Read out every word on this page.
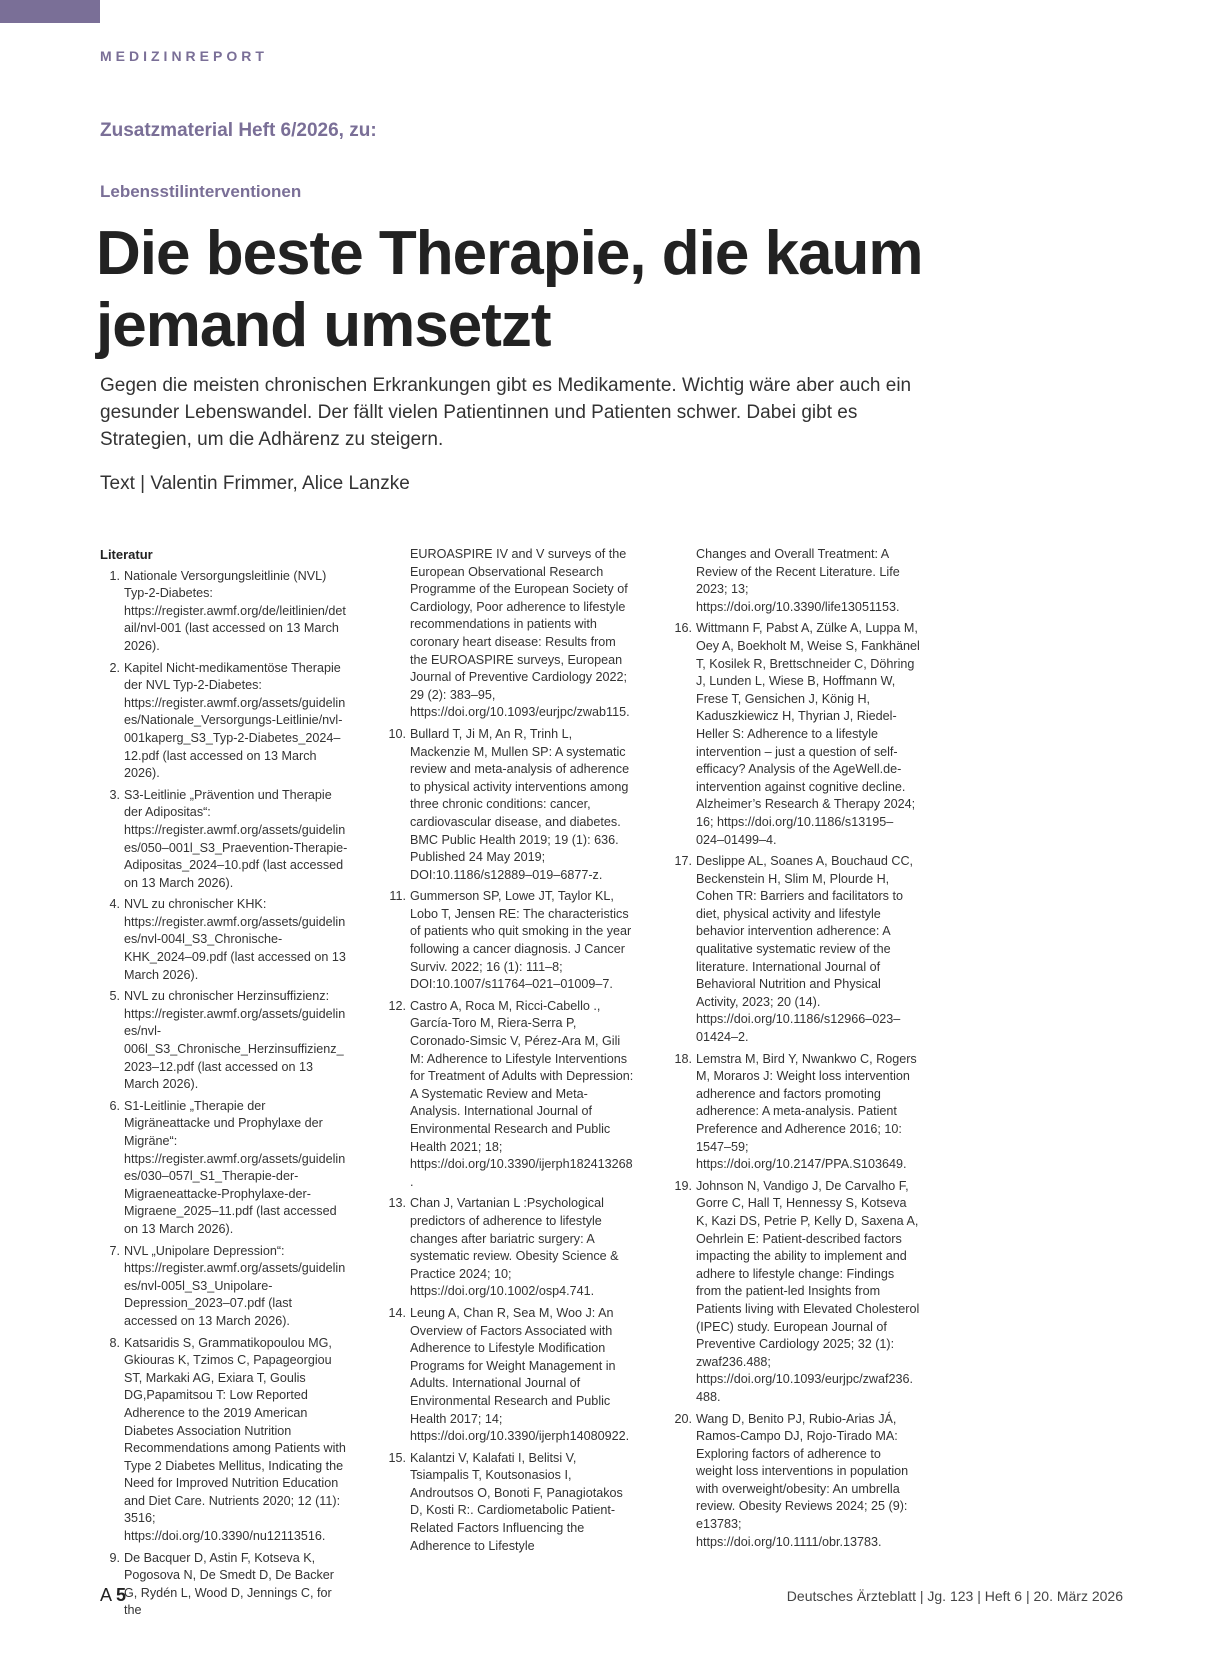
MEDIZINREPORT
Zusatzmaterial Heft 6/2026, zu:
Lebensstilinterventionen
Die beste Therapie, die kaum jemand umsetzt

Gegen die meisten chronischen Erkrankungen gibt es Medikamente. Wichtig wäre aber auch ein gesunder Lebenswandel. Der fällt vielen Patientinnen und Patienten schwer. Dabei gibt es Strategien, um die Adhärenz zu steigern.

Text | Valentin Frimmer, Alice Lanzke
Literatur
1. Nationale Versorgungsleitlinie (NVL) Typ-2-Diabetes: https://register.awmf.org/de/leitlinien/detail/nvl-001 (last accessed on 13 March 2026).
2. Kapitel Nicht-medikamentöse Therapie der NVL Typ-2-Diabetes: https://register.awmf.org/assets/guidelines/Nationale_Versorgungs-Leitlinie/nvl-001kaperg_S3_Typ-2-Diabetes_2024–12.pdf (last accessed on 13 March 2026).
3. S3-Leitlinie „Prävention und Therapie der Adipositas“: https://register.awmf.org/assets/guidelines/050–001l_S3_Praevention-Therapie-Adipositas_2024–10.pdf (last accessed on 13 March 2026).
4. NVL zu chronischer KHK: https://register.awmf.org/assets/guidelines/nvl-004l_S3_Chronische-KHK_2024–09.pdf (last accessed on 13 March 2026).
5. NVL zu chronischer Herzinsuffizienz: https://register.awmf.org/assets/guidelines/nvl-006l_S3_Chronische_Herzinsuffizienz_2023–12.pdf (last accessed on 13 March 2026).
6. S1-Leitlinie „Therapie der Migräneattacke und Prophylaxe der Migräne“: https://register.awmf.org/assets/guidelines/030–057l_S1_Therapie-der-Migraeneattacke-Prophylaxe-der-Migraene_2025–11.pdf (last accessed on 13 March 2026).
7. NVL „Unipolare Depression“: https://register.awmf.org/assets/guidelines/nvl-005l_S3_Unipolare-Depression_2023–07.pdf (last accessed on 13 March 2026).
8. Katsaridis S, Grammatikopoulou MG, Gkiouras K, Tzimos C, Papageorgiou ST, Markaki AG, Exiara T, Goulis DG,Papamitsou T: Low Reported Adherence to the 2019 American Diabetes Association Nutrition Recommendations among Patients with Type 2 Diabetes Mellitus, Indicating the Need for Improved Nutrition Education and Diet Care. Nutrients 2020; 12 (11): 3516; https://doi.org/10.3390/nu12113516.
9. De Bacquer D, Astin F, Kotseva K, Pogosova N, De Smedt D, De Backer G, Rydén L, Wood D, Jennings C, for the
EUROASPIRE IV and V surveys of the European Observational Research Programme of the European Society of Cardiology, Poor adherence to lifestyle recommendations in patients with coronary heart disease: Results from the EUROASPIRE surveys, European Journal of Preventive Cardiology 2022; 29 (2): 383–95, https://doi.org/10.1093/eurjpc/zwab115.
10. Bullard T, Ji M, An R, Trinh L, Mackenzie M, Mullen SP: A systematic review and meta-analysis of adherence to physical activity interventions among three chronic conditions: cancer, cardiovascular disease, and diabetes. BMC Public Health 2019; 19 (1): 636. Published 24 May 2019; DOI:10.1186/s12889–019–6877-z.
11. Gummerson SP, Lowe JT, Taylor KL, Lobo T, Jensen RE: The characteristics of patients who quit smoking in the year following a cancer diagnosis. J Cancer Surviv. 2022; 16 (1): 111–8; DOI:10.1007/s11764–021–01009–7.
12. Castro A, Roca M, Ricci-Cabello ., García-Toro M, Riera-Serra P, Coronado-Simsic V, Pérez-Ara M, Gili M: Adherence to Lifestyle Interventions for Treatment of Adults with Depression: A Systematic Review and Meta-Analysis. International Journal of Environmental Research and Public Health 2021; 18; https://doi.org/10.3390/ijerph182413268.
13. Chan J, Vartanian L :Psychological predictors of adherence to lifestyle changes after bariatric surgery: A systematic review. Obesity Science & Practice 2024; 10; https://doi.org/10.1002/osp4.741.
14. Leung A, Chan R, Sea M, Woo J: An Overview of Factors Associated with Adherence to Lifestyle Modification Programs for Weight Management in Adults. International Journal of Environmental Research and Public Health 2017; 14; https://doi.org/10.3390/ijerph14080922.
15. Kalantzi V, Kalafati I, Belitsi V, Tsiampalis T, Koutsonasios I, Androutsos O, Bonoti F, Panagiotakos D, Kosti R:. Cardiometabolic Patient-Related Factors Influencing the Adherence to Lifestyle
Changes and Overall Treatment: A Review of the Recent Literature. Life 2023; 13; https://doi.org/10.3390/life13051153.
16. Wittmann F, Pabst A, Zülke A, Luppa M, Oey A, Boekholt M, Weise S, Fankhänel T, Kosilek R, Brettschneider C, Döhring J, Lunden L, Wiese B, Hoffmann W, Frese T, Gensichen J, König H, Kaduszkiewicz H, Thyrian J, Riedel-Heller S: Adherence to a lifestyle intervention – just a question of self-efficacy? Analysis of the AgeWell.de-intervention against cognitive decline. Alzheimer’s Research & Therapy 2024; 16; https://doi.org/10.1186/s13195–024–01499–4.
17. Deslippe AL, Soanes A, Bouchaud CC, Beckenstein H, Slim M, Plourde H, Cohen TR: Barriers and facilitators to diet, physical activity and lifestyle behavior intervention adherence: A qualitative systematic review of the literature. International Journal of Behavioral Nutrition and Physical Activity, 2023; 20 (14). https://doi.org/10.1186/s12966–023–01424–2.
18. Lemstra M, Bird Y, Nwankwo C, Rogers M, Moraros J: Weight loss intervention adherence and factors promoting adherence: A meta-analysis. Patient Preference and Adherence 2016; 10: 1547–59; https://doi.org/10.2147/PPA.S103649.
19. Johnson N, Vandigo J, De Carvalho F, Gorre C, Hall T, Hennessy S, Kotseva K, Kazi DS, Petrie P, Kelly D, Saxena A, Oehrlein E: Patient-described factors impacting the ability to implement and adhere to lifestyle change: Findings from the patient-led Insights from Patients living with Elevated Cholesterol (IPEC) study. European Journal of Preventive Cardiology 2025; 32 (1): zwaf236.488; https://doi.org/10.1093/eurjpc/zwaf236.488.
20. Wang D, Benito PJ, Rubio-Arias JÁ, Ramos-Campo DJ, Rojo-Tirado MA: Exploring factors of adherence to weight loss interventions in population with overweight/obesity: An umbrella review. Obesity Reviews 2024; 25 (9): e13783; https://doi.org/10.1111/obr.13783.
A 5	Deutsches Ärzteblatt | Jg. 123 | Heft 6 | 20. März 2026
